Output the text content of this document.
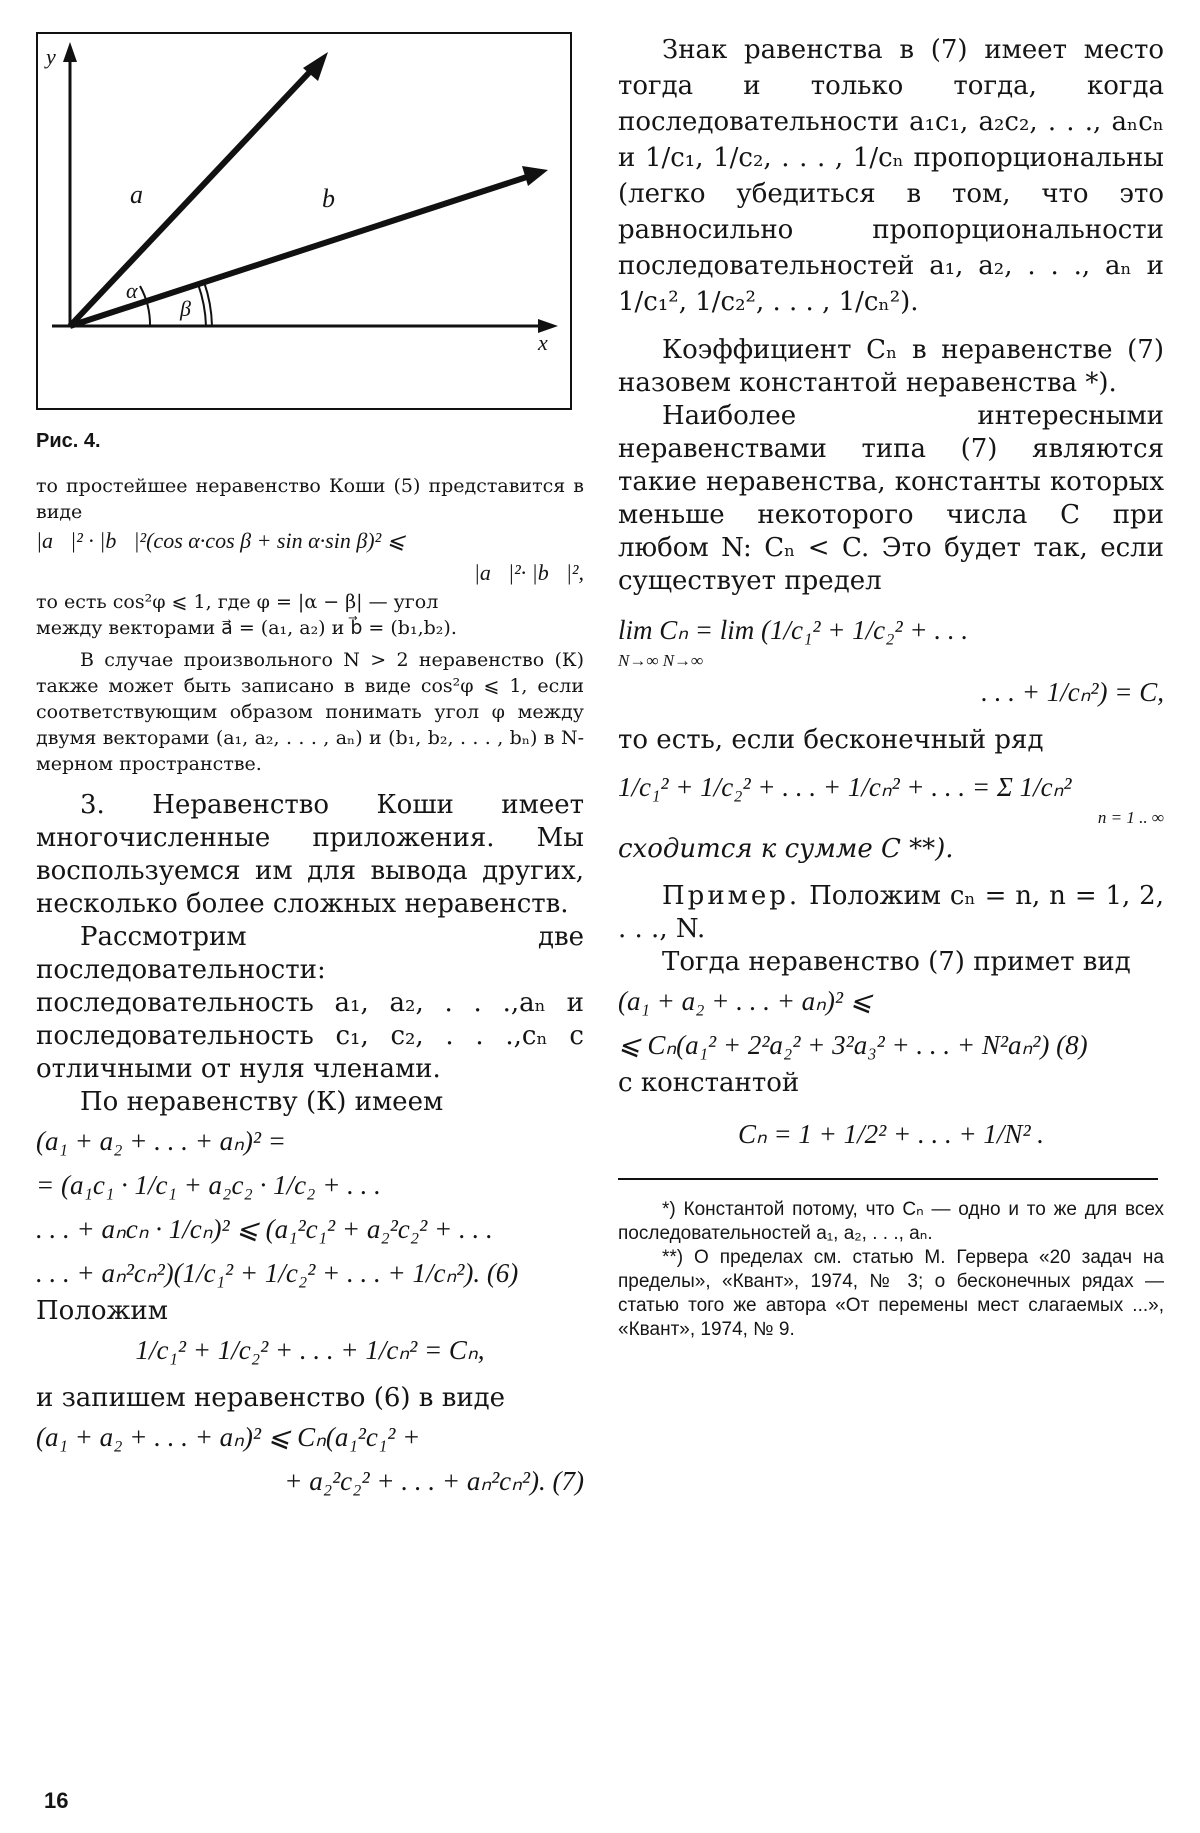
y
x
a⃗	b⃗
α
β
Рис. 4.
то простейшее неравенство Коши (5) представится в виде
|a⃗|² · |b⃗|²(cos α·cos β + sin α·sin β)² ⩽
⩽ |a⃗|²· |b⃗|²,
то есть cos²φ ⩽ 1, где φ = |α − β| — угол
между векторами a⃗ = (a₁, a₂) и b⃗ = (b₁,b₂).
В случае произвольного N > 2 неравенство (К) также может быть записано в виде cos²φ ⩽ 1, если соответствующим образом понимать угол φ между двумя векторами (a₁, a₂, . . . , aₙ) и (b₁, b₂, . . . , bₙ) в N-мерном пространстве.
3. Неравенство Коши имеет многочисленные приложения. Мы воспользуемся им для вывода других, несколько более сложных неравенств.
Рассмотрим две последовательности: последовательность a₁, a₂, . . .,aₙ и последовательность c₁, c₂, . . .,cₙ с отличными от нуля членами.
По неравенству (К) имеем
(a₁ + a₂ + . . . + aₙ)² =
= (a₁c₁ · 1/c₁ + a₂c₂ · 1/c₂ + . . .
. . . + aₙcₙ · 1/cₙ)² ⩽ (a₁²c₁² + a₂²c₂² + . . .
. . . + aₙ²cₙ²)(1/c₁² + 1/c₂² + . . . + 1/cₙ²). (6)
Положим
1/c₁² + 1/c₂² + . . . + 1/cₙ² = Cₙ,
и запишем неравенство (6) в виде
(a₁ + a₂ + . . . + aₙ)² ⩽ Cₙ(a₁²c₁² +
+ a₂²c₂² + . . . + aₙ²cₙ²). (7)
Знак равенства в (7) имеет место тогда и только тогда, когда последовательности a₁c₁, a₂c₂, . . ., aₙcₙ и 1/c₁, 1/c₂, . . . , 1/cₙ пропорциональны (легко убедиться в том, что это равносильно пропорциональности последовательностей a₁, a₂, . . ., aₙ и 1/c₁², 1/c₂², . . . , 1/cₙ²).
Коэффициент Cₙ в неравенстве (7) назовем константой неравенства *).
Наиболее интересными неравенствами типа (7) являются такие неравенства, константы которых меньше некоторого числа C при любом N: Cₙ < C. Это будет так, если существует предел
lim Cₙ = lim (1/c₁² + 1/c₂² + . . .
N→∞ N→∞
. . . + 1/cₙ²) = C,
то есть, если бесконечный ряд
1/c₁² + 1/c₂² + . . . + 1/cₙ² + . . . = Σ 1/cₙ²
n = 1 .. ∞
сходится к сумме C **).
Пример. Положим cₙ = n, n = 1, 2, . . ., N.
Тогда неравенство (7) примет вид
(a₁ + a₂ + . . . + aₙ)² ⩽
⩽ Cₙ(a₁² + 2²a₂² + 3²a₃² + . . . + N²aₙ²) (8)
с константой
Cₙ = 1 + 1/2² + . . . + 1/N² .
*) Константой потому, что Cₙ — одно и то же для всех последовательностей a₁, a₂, . . ., aₙ.
**) О пределах см. статью М. Гервера «20 задач на пределы», «Квант», 1974, № 3; о бесконечных рядах — статью того же автора «От перемены мест слагаемых ...», «Квант», 1974, № 9.
16
